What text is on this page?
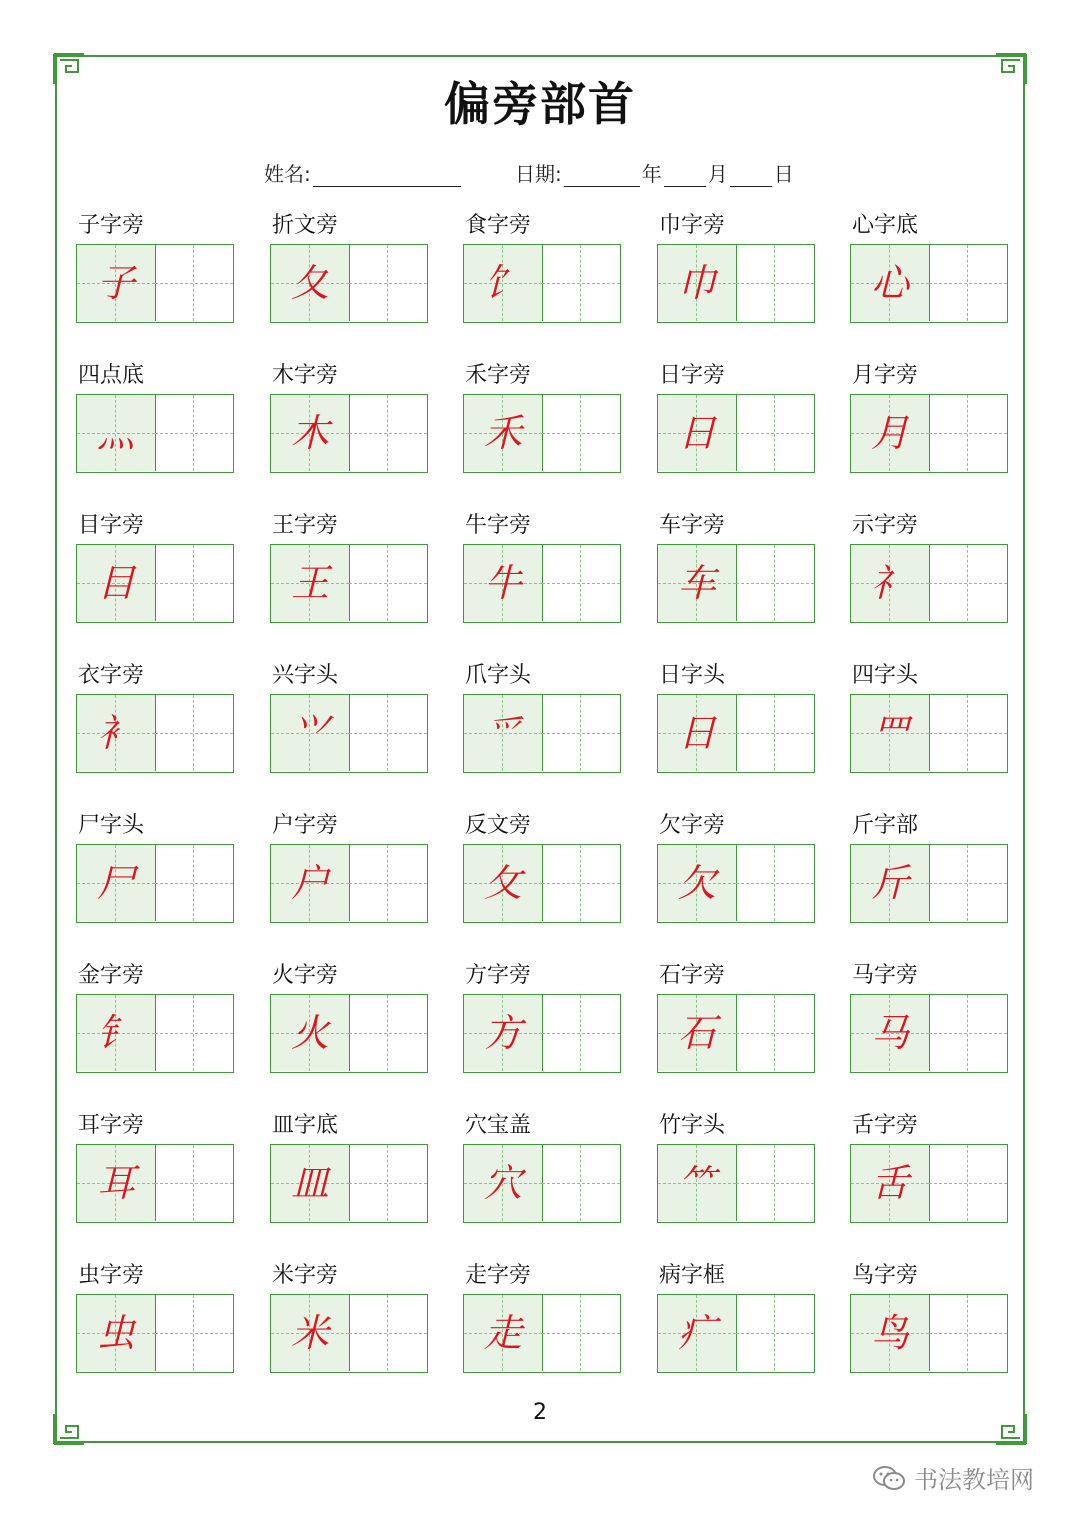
偏旁部首
姓名:	日期:	年 月 日
子字旁
子
折文旁
夂
食字旁
饣
巾字旁
巾
心字底
心
四点底
灬
木字旁
木
禾字旁
禾
日字旁
日
月字旁
月
目字旁
目
王字旁
王
牛字旁
牛
车字旁
车
示字旁
礻
衣字旁
衤
兴字头
⺍
爪字头
爫
日字头
日
四字头
罒
尸字头
尸
户字旁
户
反文旁
攵
欠字旁
欠
斤字部
斤
金字旁
钅
火字旁
火
方字旁
方
石字旁
石
马字旁
马
耳字旁
耳
皿字底
皿
穴宝盖
穴
竹字头
⺮
舌字旁
舌
虫字旁
虫
米字旁
米
走字旁
走
病字框
疒
鸟字旁
鸟
2
书法教培网
